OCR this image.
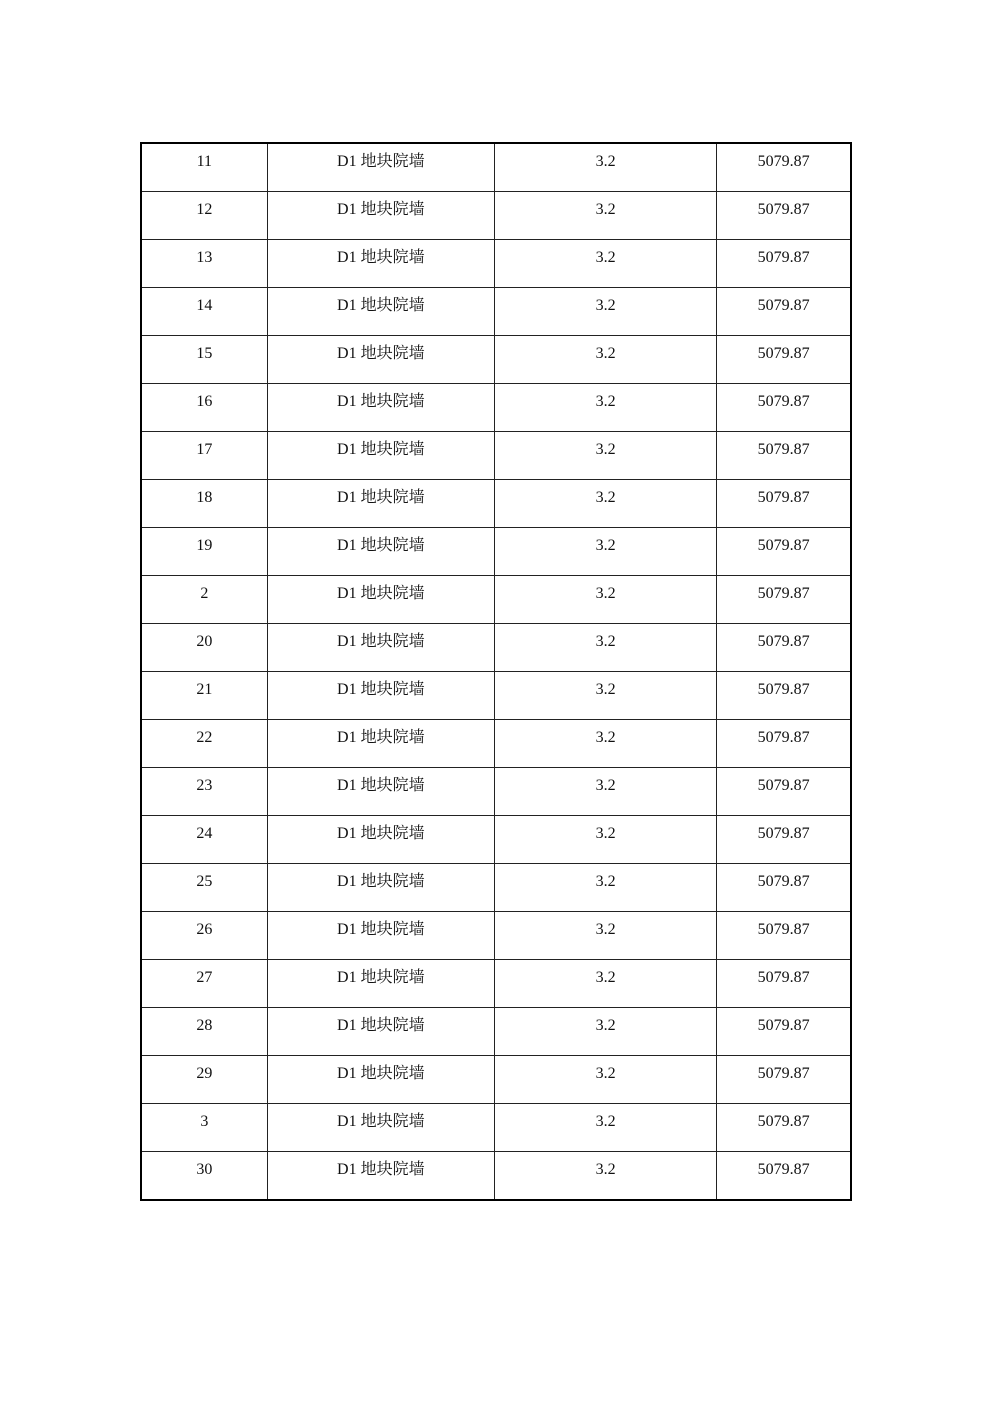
11	D1 地块院墙	3.2	5079.87

12	D1 地块院墙	3.2	5079.87

13	D1 地块院墙	3.2	5079.87

14	D1 地块院墙	3.2	5079.87

15	D1 地块院墙	3.2	5079.87

16	D1 地块院墙	3.2	5079.87

17	D1 地块院墙	3.2	5079.87

18	D1 地块院墙	3.2	5079.87

19	D1 地块院墙	3.2	5079.87

2	D1 地块院墙	3.2	5079.87

20	D1 地块院墙	3.2	5079.87

21	D1 地块院墙	3.2	5079.87

22	D1 地块院墙	3.2	5079.87

23	D1 地块院墙	3.2	5079.87

24	D1 地块院墙	3.2	5079.87

25	D1 地块院墙	3.2	5079.87

26	D1 地块院墙	3.2	5079.87

27	D1 地块院墙	3.2	5079.87

28	D1 地块院墙	3.2	5079.87

29	D1 地块院墙	3.2	5079.87

3	D1 地块院墙	3.2	5079.87

30	D1 地块院墙	3.2	5079.87
